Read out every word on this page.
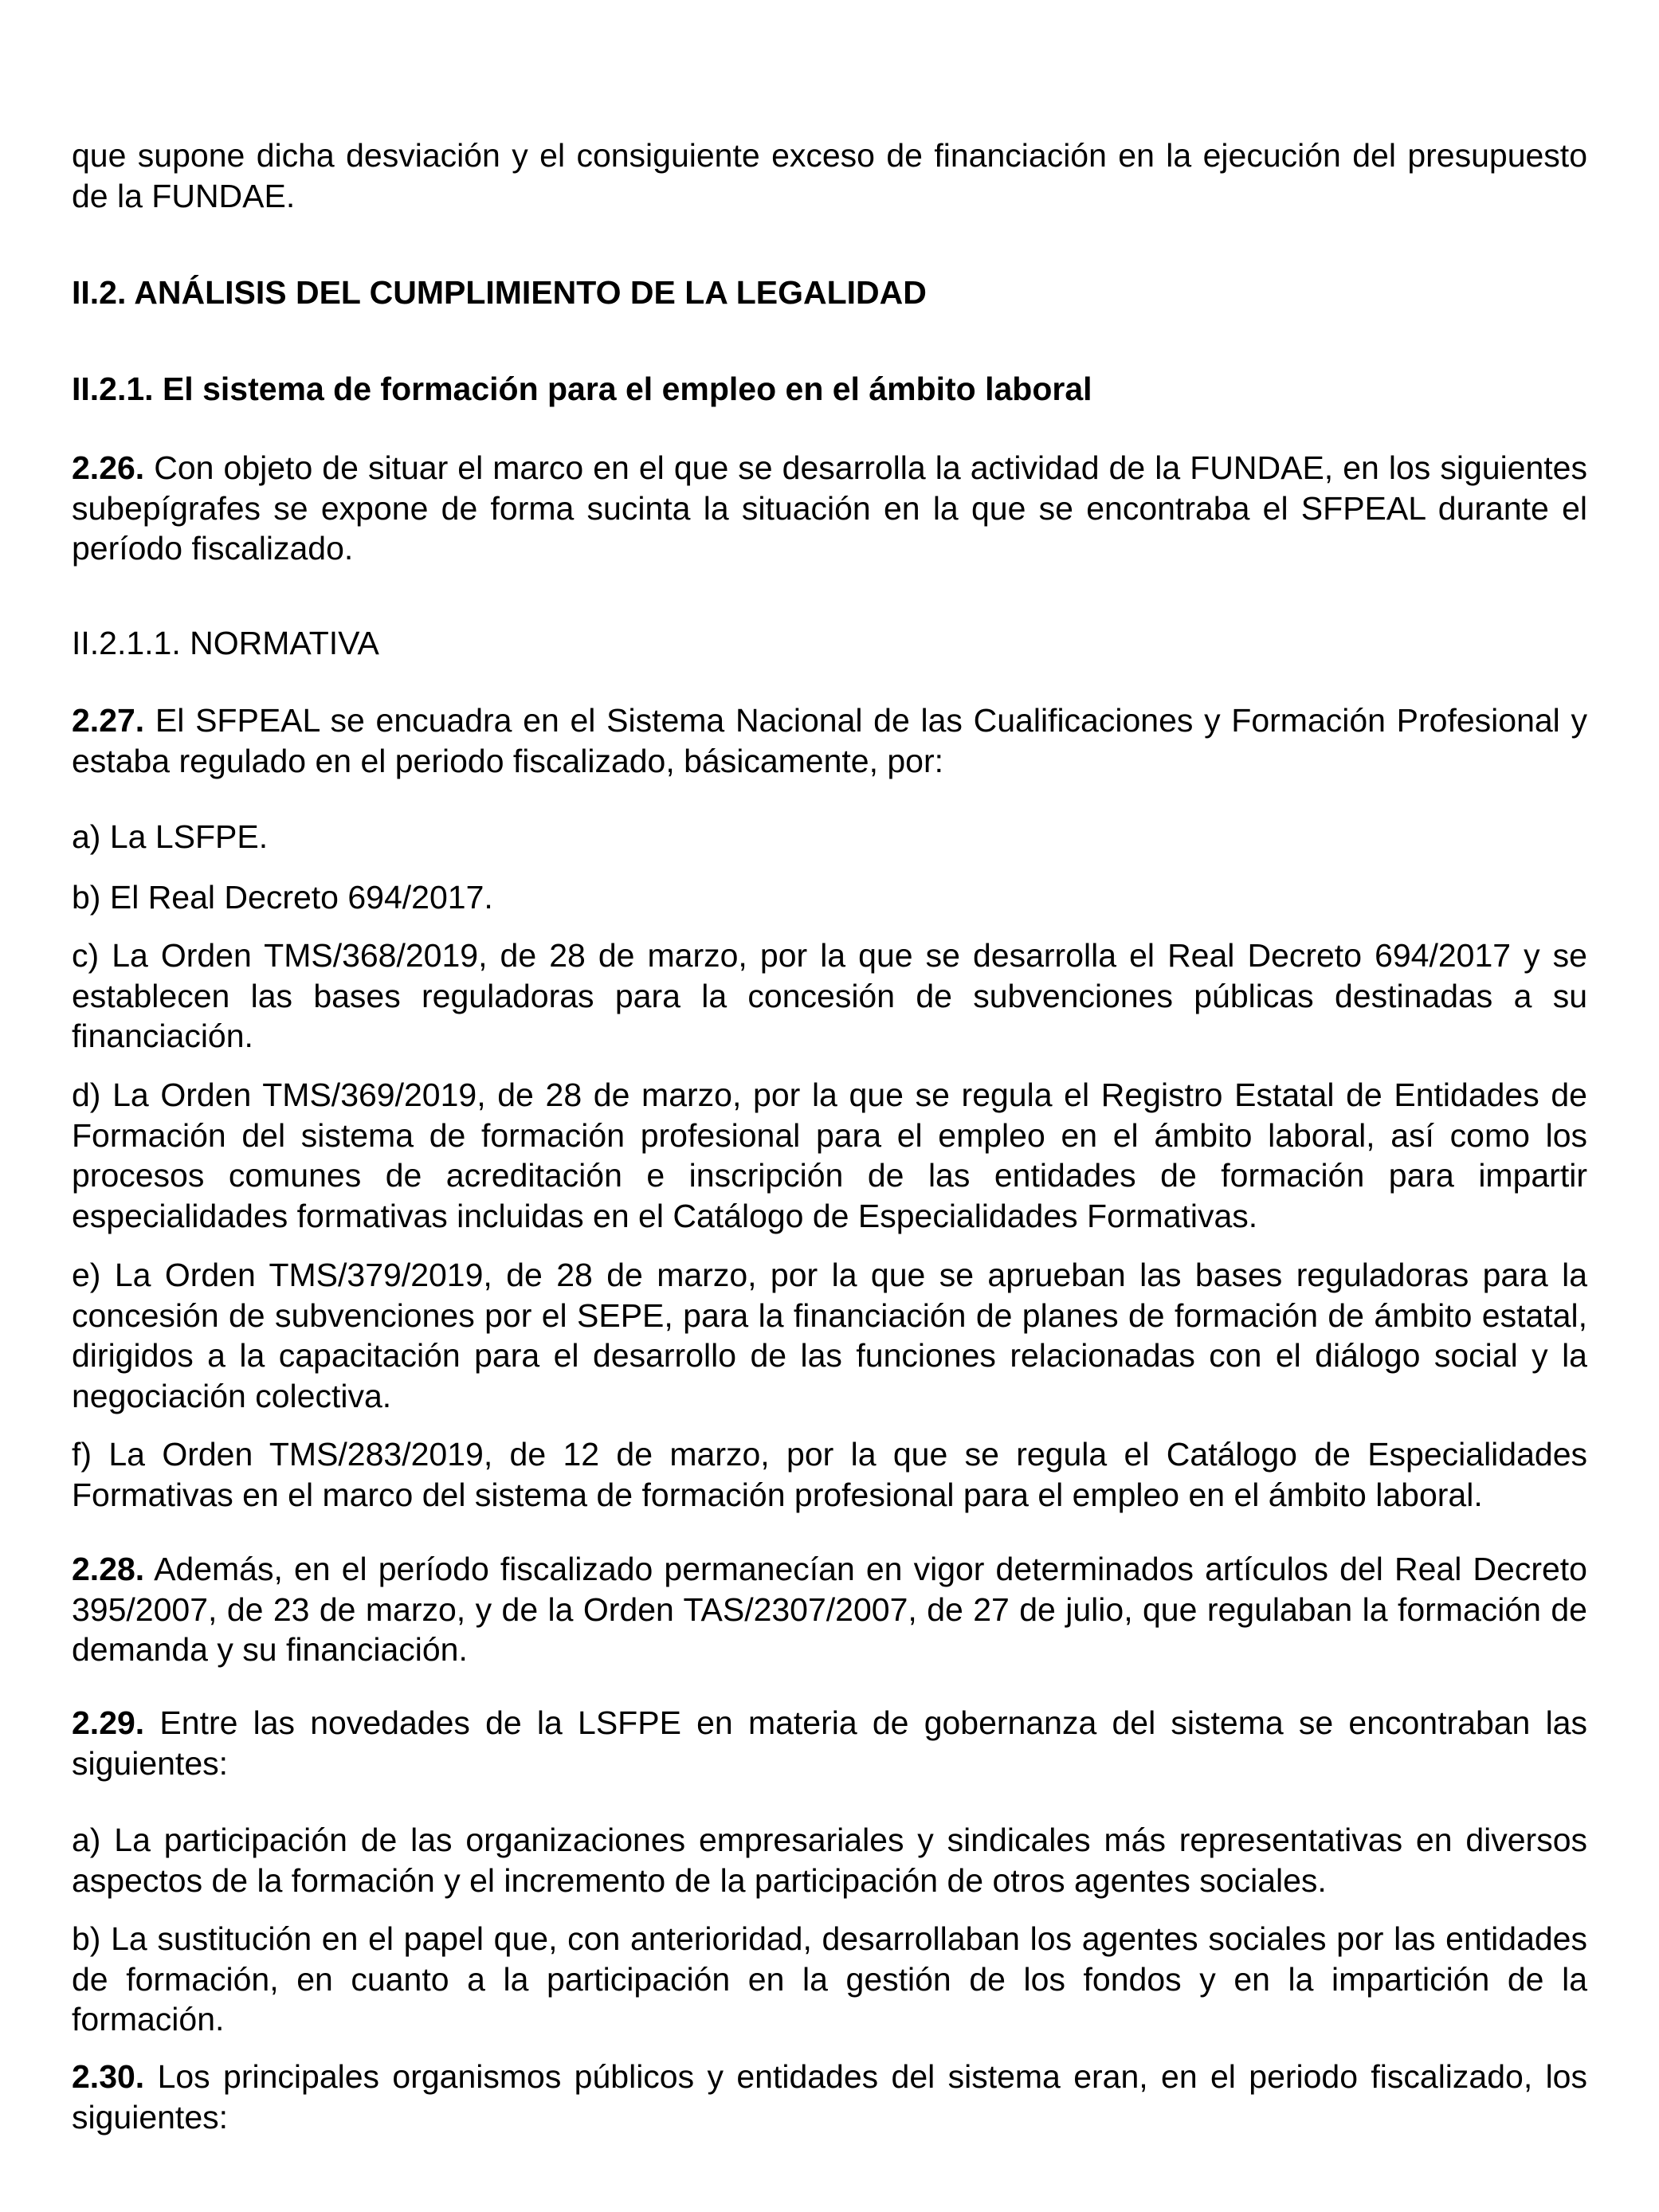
que supone dicha desviación y el consiguiente exceso de financiación en la ejecución del presupuesto de la FUNDAE.

II.2. ANÁLISIS DEL CUMPLIMIENTO DE LA LEGALIDAD

II.2.1. El sistema de formación para el empleo en el ámbito laboral

2.26. Con objeto de situar el marco en el que se desarrolla la actividad de la FUNDAE, en los siguientes subepígrafes se expone de forma sucinta la situación en la que se encontraba el SFPEAL durante el período fiscalizado.

II.2.1.1. NORMATIVA

2.27. El SFPEAL se encuadra en el Sistema Nacional de las Cualificaciones y Formación Profesional y estaba regulado en el periodo fiscalizado, básicamente, por:

a) La LSFPE.

b) El Real Decreto 694/2017.

c) La Orden TMS/368/2019, de 28 de marzo, por la que se desarrolla el Real Decreto 694/2017 y se establecen las bases reguladoras para la concesión de subvenciones públicas destinadas a su financiación.

d) La Orden TMS/369/2019, de 28 de marzo, por la que se regula el Registro Estatal de Entidades de Formación del sistema de formación profesional para el empleo en el ámbito laboral, así como los procesos comunes de acreditación e inscripción de las entidades de formación para impartir especialidades formativas incluidas en el Catálogo de Especialidades Formativas.

e) La Orden TMS/379/2019, de 28 de marzo, por la que se aprueban las bases reguladoras para la concesión de subvenciones por el SEPE, para la financiación de planes de formación de ámbito estatal, dirigidos a la capacitación para el desarrollo de las funciones relacionadas con el diálogo social y la negociación colectiva.

f) La Orden TMS/283/2019, de 12 de marzo, por la que se regula el Catálogo de Especialidades Formativas en el marco del sistema de formación profesional para el empleo en el ámbito laboral.

2.28. Además, en el período fiscalizado permanecían en vigor determinados artículos del Real Decreto 395/2007, de 23 de marzo, y de la Orden TAS/2307/2007, de 27 de julio, que regulaban la formación de demanda y su financiación.

2.29. Entre las novedades de la LSFPE en materia de gobernanza del sistema se encontraban las siguientes:

a) La participación de las organizaciones empresariales y sindicales más representativas en diversos aspectos de la formación y el incremento de la participación de otros agentes sociales.

b) La sustitución en el papel que, con anterioridad, desarrollaban los agentes sociales por las entidades de formación, en cuanto a la participación en la gestión de los fondos y en la impartición de la formación.

2.30. Los principales organismos públicos y entidades del sistema eran, en el periodo fiscalizado, los siguientes:
